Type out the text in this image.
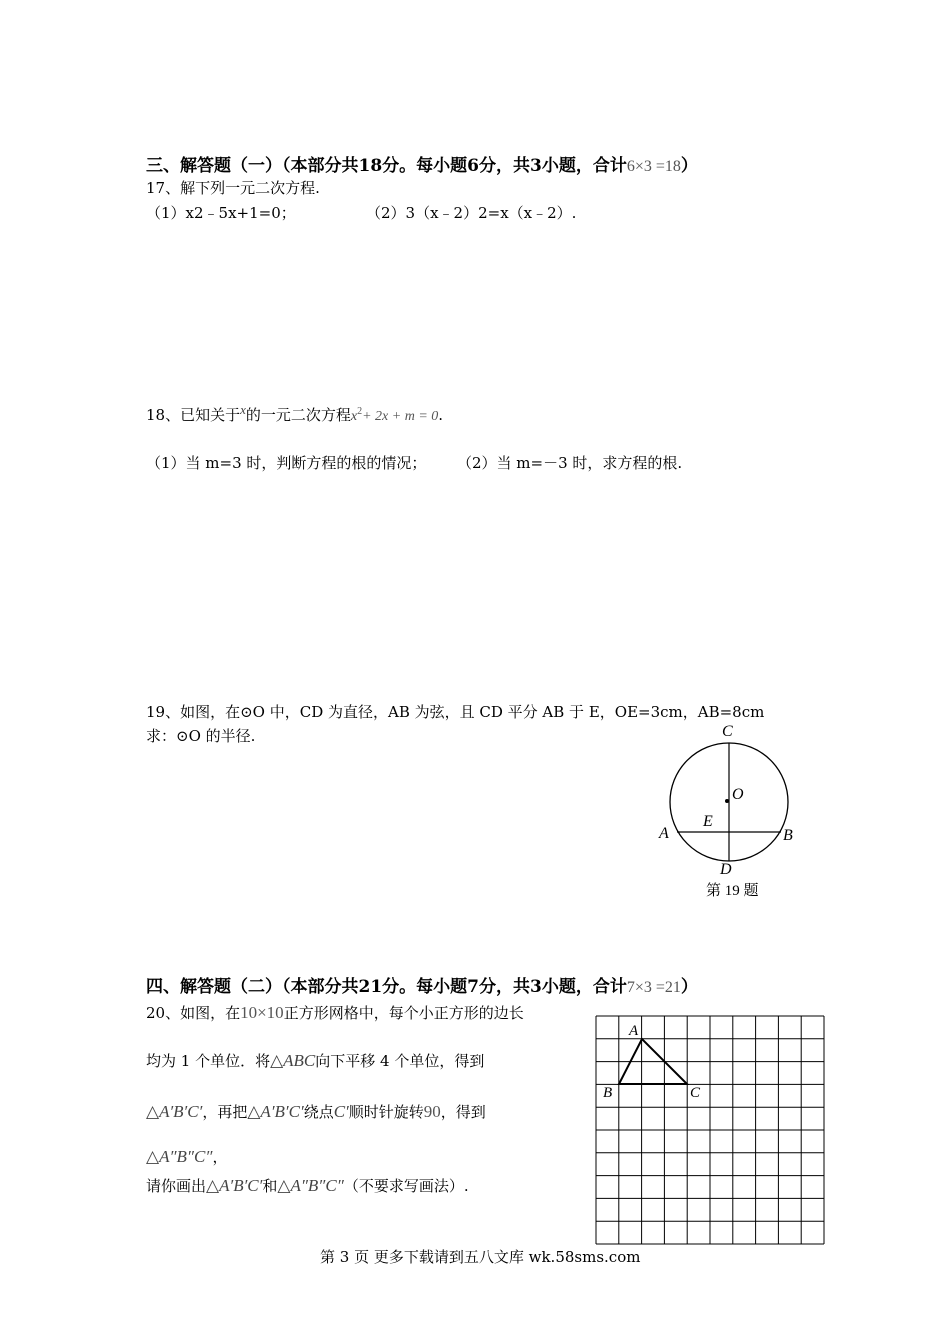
三、解答题（一）（本部分共18分。每小题6分，共3小题，合计6×3 =18）
17、解下列一元二次方程.
（1）x2﹣5x+1=0；	（2）3（x﹣2）2=x（x﹣2）.
18、已知关于x的一元二次方程$x^2+ 2x + m = 0$.
（1）当 m=3 时，判断方程的根的情况； （2）当 m=－3 时，求方程的根.
19、如图，在⊙O 中，CD 为直径，AB 为弦，且 CD 平分 AB 于 E，OE=3cm，AB=8cm
求：⊙O 的半径.	C
O
E
A	B
D
第 19 题
四、解答题（二）（本部分共21分。每小题7分，共3小题，合计7×3 =21）
20、如图，在10×10正方形网格中，每个小正方形的边长
均为 1 个单位．将△ABC向下平移 4 个单位，得到
△A′B′C′，再把△A′B′C′绕点C′顺时针旋转90，得到
△A″B″C″，
请你画出△A′B′C′和△A″B″C″（不要求写画法）.
A
B	C
第 3 页 更多下载请到五八文库 wk.58sms.com
